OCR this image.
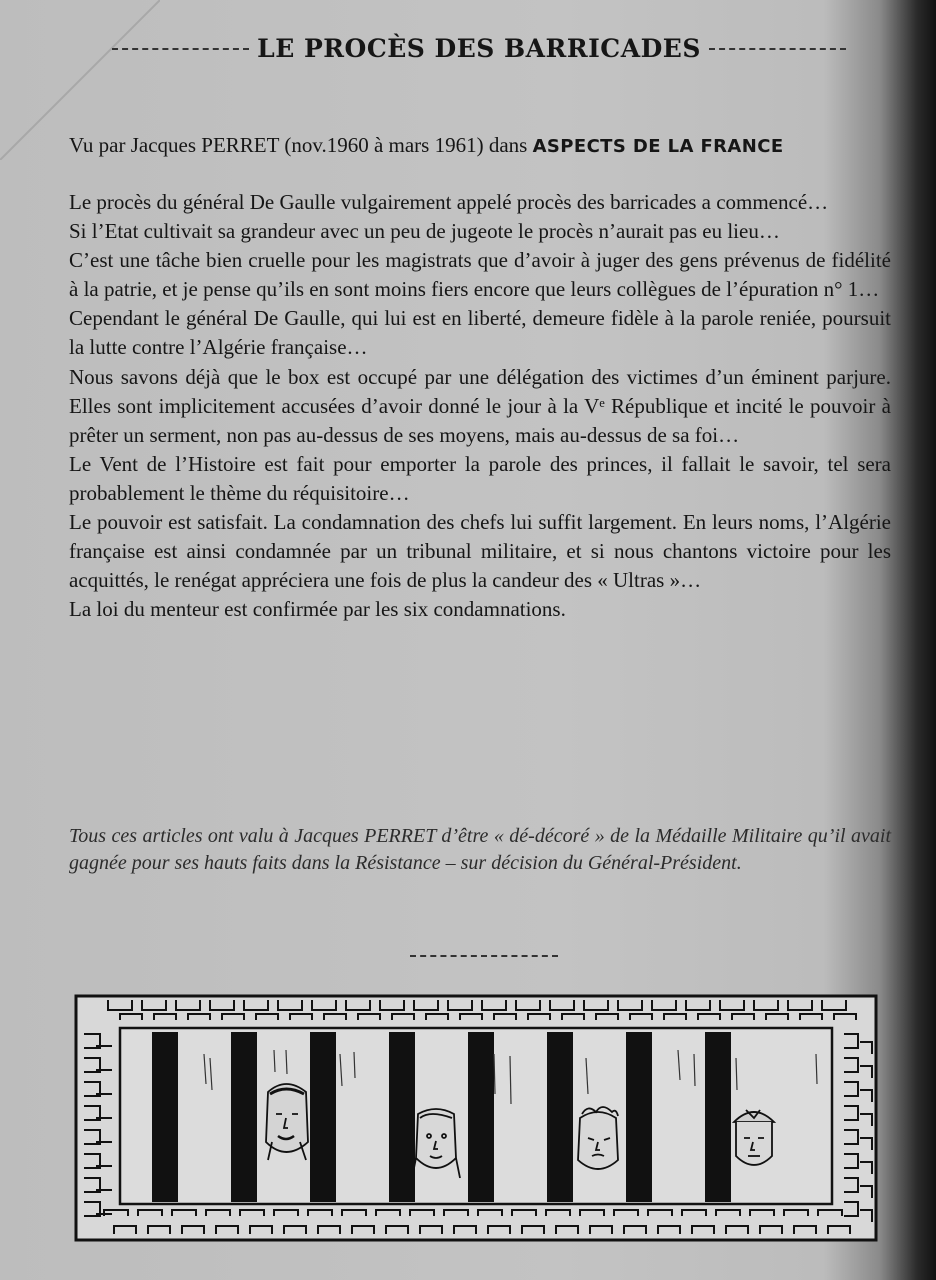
LE PROCÈS DES BARRICADES
Vu par Jacques PERRET (nov.1960 à mars 1961) dans ASPECTS DE LA FRANCE

Le procès du général De Gaulle vulgairement appelé procès des barricades a commencé…

Si l’Etat cultivait sa grandeur avec un peu de jugeote le procès n’aurait pas eu lieu…

C’est une tâche bien cruelle pour les magistrats que d’avoir à juger des gens prévenus de fidélité à la patrie, et je pense qu’ils en sont moins fiers encore que leurs collègues de l’épuration n° 1…

Cependant le général De Gaulle, qui lui est en liberté, demeure fidèle à la parole reniée, poursuit la lutte contre l’Algérie française…

Nous savons déjà que le box est occupé par une délégation des victimes d’un éminent parjure. Elles sont implicitement accusées d’avoir donné le jour à la Vᵉ République et incité le pouvoir à prêter un serment, non pas au-dessus de ses moyens, mais au-dessus de sa foi…

Le Vent de l’Histoire est fait pour emporter la parole des princes, il fallait le savoir, tel sera probablement le thème du réquisitoire…

Le pouvoir est satisfait. La condamnation des chefs lui suffit largement. En leurs noms, l’Algérie française est ainsi condamnée par un tribunal militaire, et si nous chantons victoire pour les acquittés, le renégat appréciera une fois de plus la candeur des « Ultras »…

La loi du menteur est confirmée par les six condamnations.

Tous ces articles ont valu à Jacques PERRET d’être « dé-décoré » de la Médaille Militaire qu’il avait gagnée pour ses hauts faits dans la Résistance – sur décision du Général-Président.
